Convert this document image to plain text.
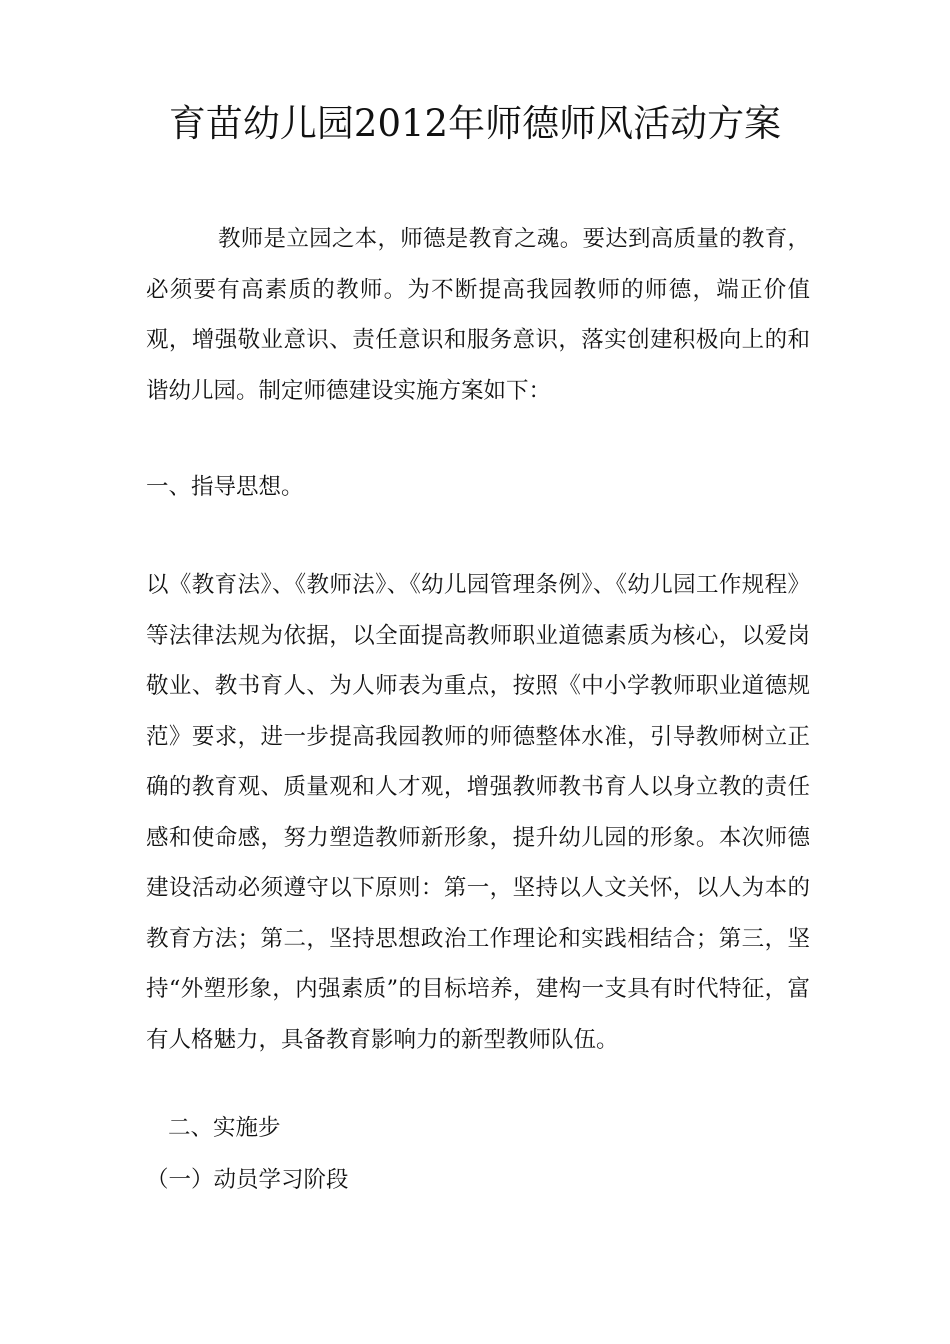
育苗幼儿园2012年师德师风活动方案
教师是立园之本，师德是教育之魂。要达到高质量的教育，必须要有高素质的教师。为不断提高我园教师的师德，端正价值观，增强敬业意识、责任意识和服务意识，落实创建积极向上的和谐幼儿园。制定师德建设实施方案如下：
一、指导思想。
以《教育法》、《教师法》、《幼儿园管理条例》、《幼儿园工作规程》等法律法规为依据，以全面提高教师职业道德素质为核心，以爱岗敬业、教书育人、为人师表为重点，按照《中小学教师职业道德规范》要求，进一步提高我园教师的师德整体水准，引导教师树立正确的教育观、质量观和人才观，增强教师教书育人以身立教的责任感和使命感，努力塑造教师新形象，提升幼儿园的形象。本次师德建设活动必须遵守以下原则：第一，坚持以人文关怀，以人为本的教育方法；第二，坚持思想政治工作理论和实践相结合；第三，坚持“外塑形象，内强素质”的目标培养，建构一支具有时代特征，富有人格魅力，具备教育影响力的新型教师队伍。
二、实施步
（一）动员学习阶段
